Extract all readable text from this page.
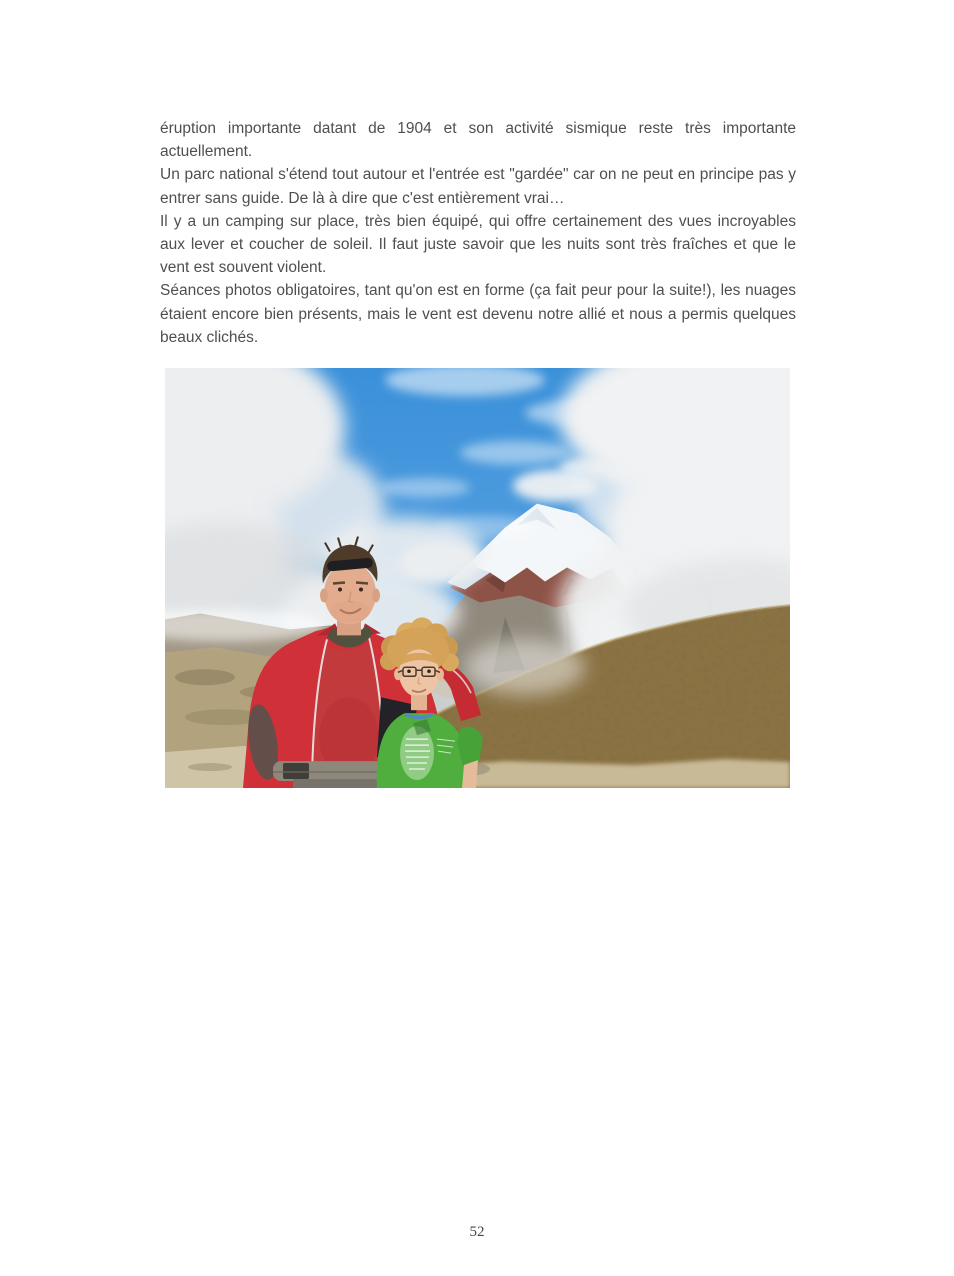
éruption importante datant de 1904 et son activité sismique reste très importante actuellement.

Un parc national s'étend tout autour et l'entrée est "gardée" car on ne peut en principe pas y entrer sans guide. De là à dire que c'est entièrement vrai…

Il y a un camping sur place, très bien équipé, qui offre certainement des vues incroyables aux lever et coucher de soleil. Il faut juste savoir que les nuits sont très fraîches et que le vent est souvent violent.

Séances photos obligatoires, tant qu'on est en forme (ça fait peur pour la suite!), les nuages étaient encore bien présents, mais le vent est devenu notre allié et nous a permis quelques beaux clichés.

52
